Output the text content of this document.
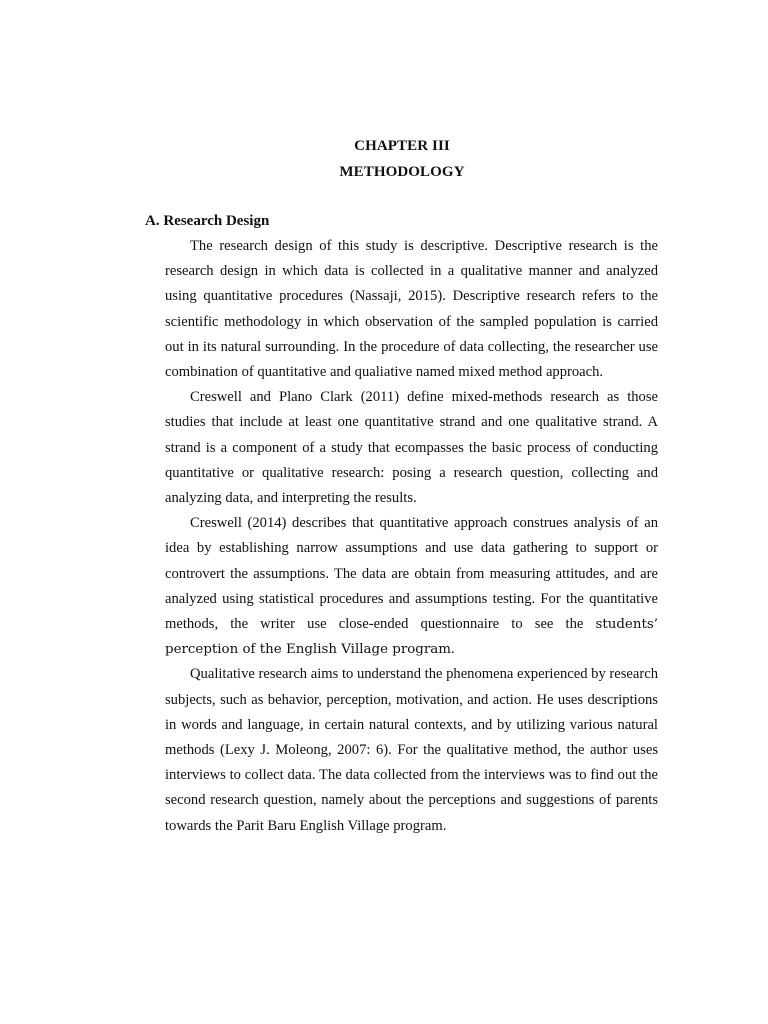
CHAPTER III
METHODOLOGY
A. Research Design

The research design of this study is descriptive. Descriptive research is the research design in which data is collected in a qualitative manner and analyzed using quantitative procedures (Nassaji, 2015). Descriptive research refers to the scientific methodology in which observation of the sampled population is carried out in its natural surrounding. In the procedure of data collecting, the researcher use combination of quantitative and qualiative named mixed method approach.

Creswell and Plano Clark (2011) define mixed-methods research as those studies that include at least one quantitative strand and one qualitative strand. A strand is a component of a study that ecompasses the basic process of conducting quantitative or qualitative research: posing a research question, collecting and analyzing data, and interpreting the results.

Creswell (2014) describes that quantitative approach construes analysis of an idea by establishing narrow assumptions and use data gathering to support or controvert the assumptions. The data are obtain from measuring attitudes, and are analyzed using statistical procedures and assumptions testing. For the quantitative methods, the writer use close-ended questionnaire to see the students’ perception of the English Village program.

Qualitative research aims to understand the phenomena experienced by research subjects, such as behavior, perception, motivation, and action. He uses descriptions in words and language, in certain natural contexts, and by utilizing various natural methods (Lexy J. Moleong, 2007: 6). For the qualitative method, the author uses interviews to collect data. The data collected from the interviews was to find out the second research question, namely about the perceptions and suggestions of parents towards the Parit Baru English Village program.
